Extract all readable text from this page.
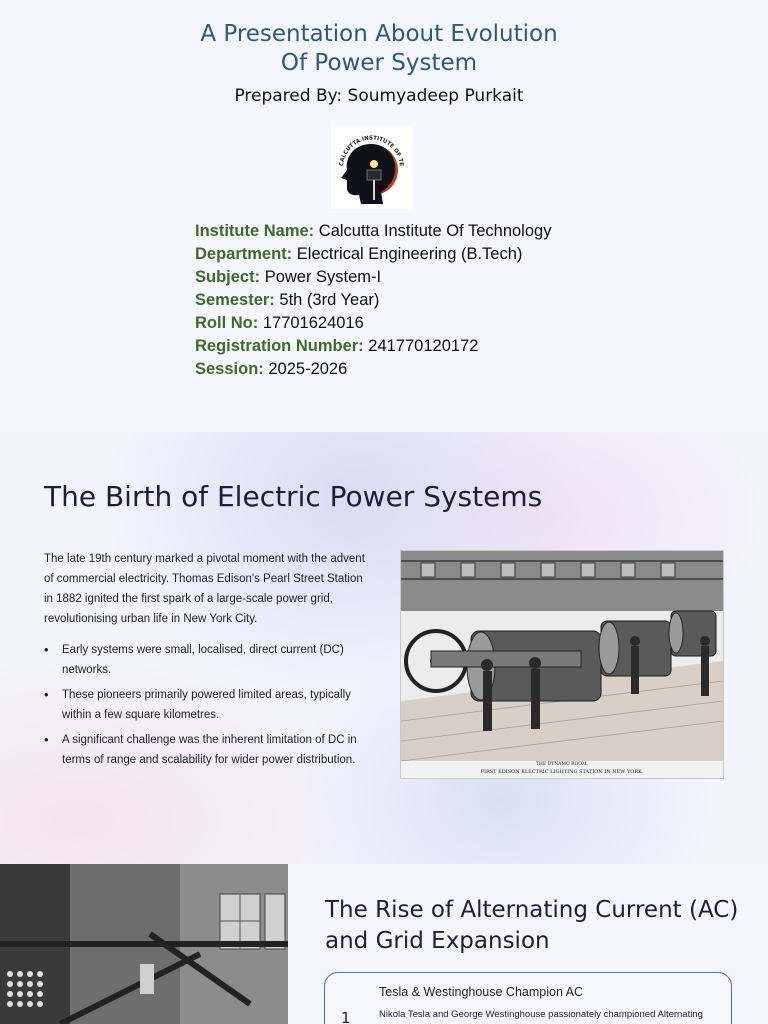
A Presentation About Evolution
Of Power System
Prepared By: Soumyadeep Purkait
CALCUTTA INSTITUTE OF TE
Institute Name: Calcutta Institute Of Technology
Department: Electrical Engineering (B.Tech)
Subject: Power System-I
Semester: 5th (3rd Year)
Roll No: 17701624016
Registration Number: 241770120172
Session: 2025-2026
The Birth of Electric Power Systems

The late 19th century marked a pivotal moment with the advent of commercial electricity. Thomas Edison's Pearl Street Station in 1882 ignited the first spark of a large-scale power grid, revolutionising urban life in New York City.

• Early systems were small, localised, direct current (DC) networks.
• These pioneers primarily powered limited areas, typically within a few square kilometres.
• A significant challenge was the inherent limitation of DC in terms of range and scalability for wider power distribution.	THE DYNAMO ROOM.
FIRST EDISON ELECTRIC LIGHTING STATION IN NEW YORK.
The Rise of Alternating Current (AC) and Grid Expansion
1
Tesla & Westinghouse Champion AC
Nikola Tesla and George Westinghouse passionately championed Alternating
